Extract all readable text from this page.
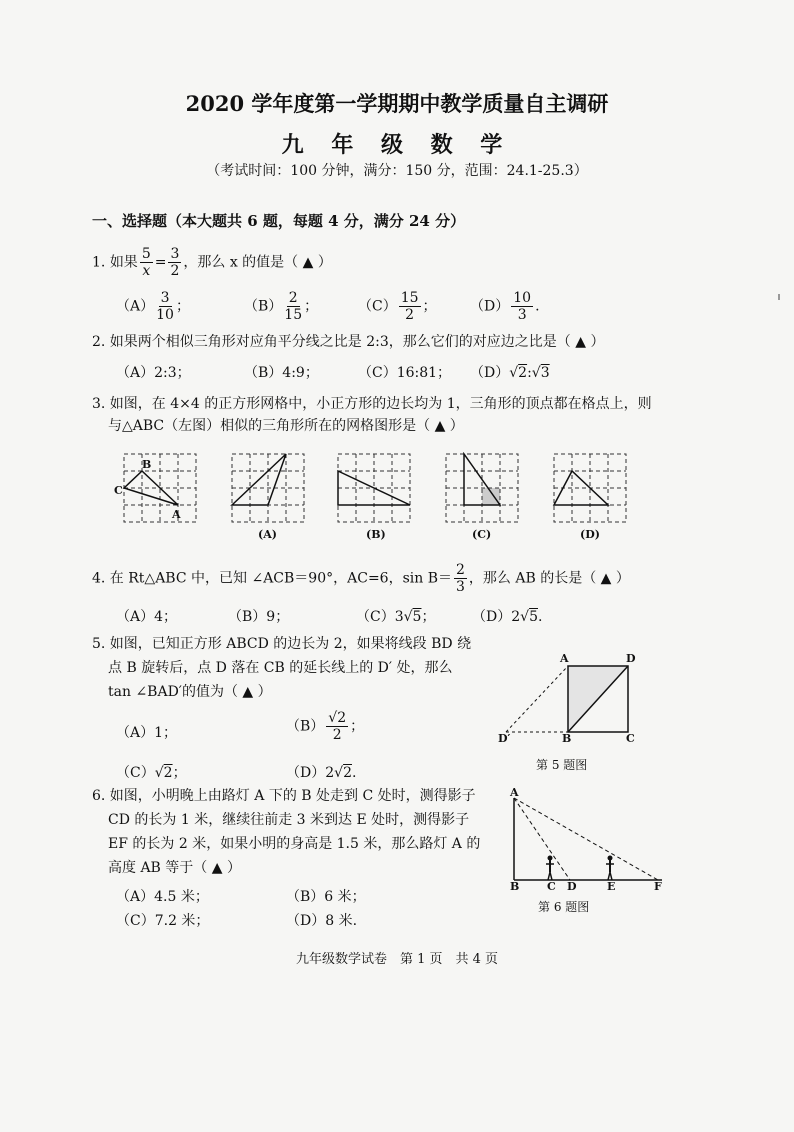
2020 学年度第一学期期中教学质量自主调研
九 年 级 数 学
（考试时间：100 分钟，满分：150 分，范围：24.1-25.3）
一、选择题（本大题共 6 题，每题 4 分，满分 24 分）
1. 如果 $\frac{5}{x} = \frac{3}{2}$ ，那么 x 的值是（ ▲ ）
$(A) \frac{3}{10}$ ；	$(B) \frac{2}{15}$ ；	$(C) \frac{15}{2}$ ； $(D) \frac{10}{3}$ .
2. 如果两个相似三角形对应角平分线之比是 2:3，那么它们的对应边之比是（ ▲ ）
（A）2:3；	（B）4:9；	（C）16:81； （D）√2:√3
3. 如图，在 4×4 的正方形网格中，小正方形的边长均为 1，三角形的顶点都在格点上，则
与△ABC（左图）相似的三角形所在的网格图形是（ ▲ ）
B
C
A
(A)	(B)	(C)	(D)
4. 在 Rt△ABC 中，已知 ∠ACB＝90°，AC=6，$\sin B= \frac{2}{3}$ ，那么 AB 的长是（ ▲ ）
（A）4；	（B）9；	（C）3√5；	（D）2√5.
5. 如图，已知正方形 ABCD 的边长为 2，如果将线段 BD 绕
点 B 旋转后，点 D 落在 CB 的延长线上的 D′ 处，那么
tan ∠BAD′的值为（ ▲ ）
（A）1；	$(B) \frac{√2}{2}$ ；
（C）√2；	（D）2√2.
A	D
B	C
D′
第 5 题图
6. 如图，小明晚上由路灯 A 下的 B 处走到 C 处时，测得影子
CD 的长为 1 米，继续往前走 3 米到达 E 处时，测得影子
EF 的长为 2 米，如果小明的身高是 1.5 米，那么路灯 A 的
高度 AB 等于（ ▲ ）
（A）4.5 米；	（B）6 米；
（C）7.2 米；	（D）8 米.
A
B	C D	E	F
第 6 题图
九年级数学试卷　第 1 页　共 4 页
